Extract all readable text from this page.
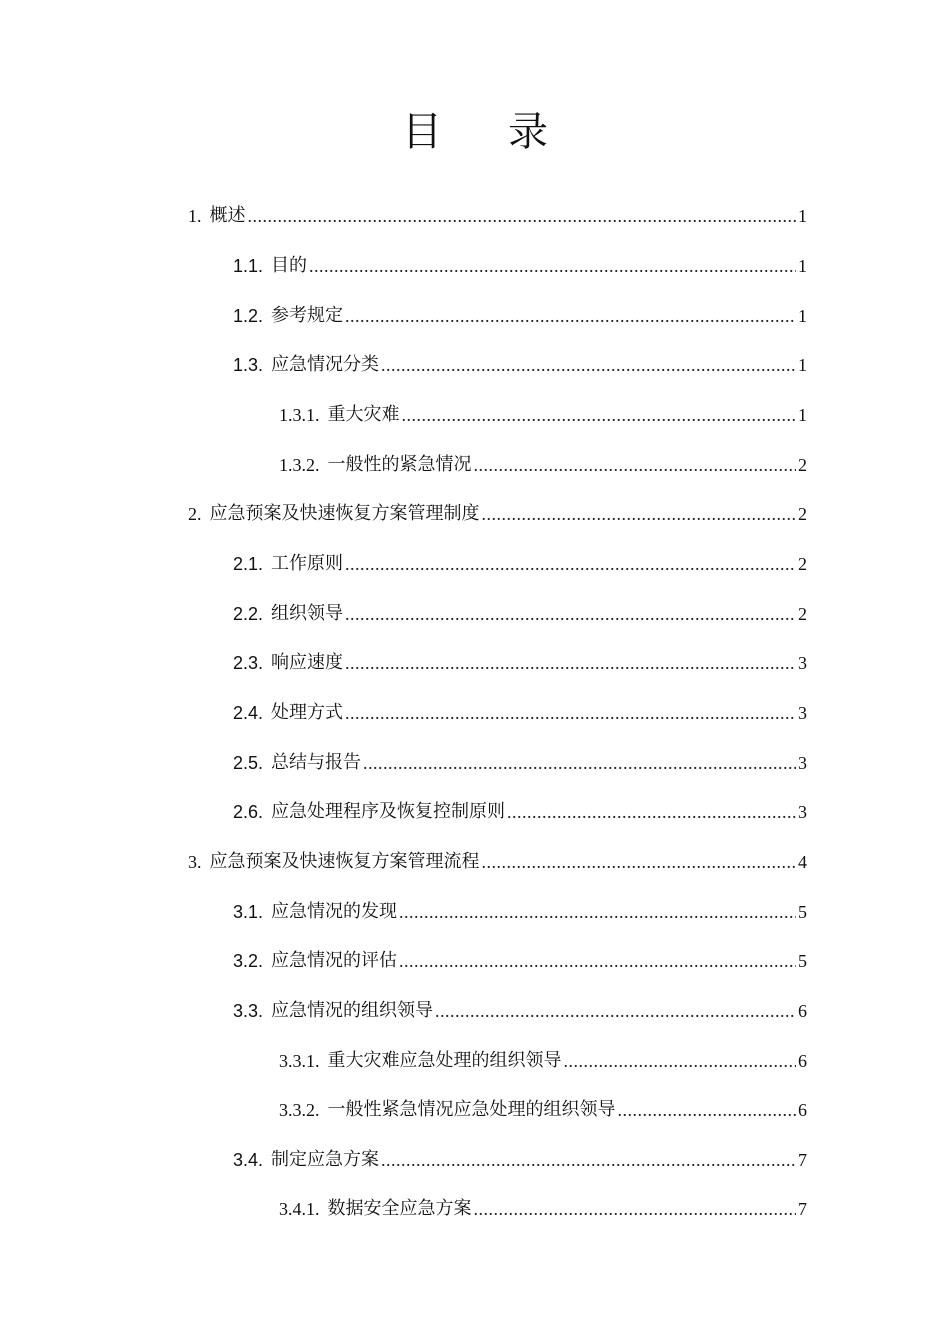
目 录
1. 概述 .....	1
1.1. 目的 .....	1
1.2. 参考规定 .....	1
1.3. 应急情况分类 .....	1
1.3.1. 重大灾难 .....	1
1.3.2. 一般性的紧急情况 .....	2
2. 应急预案及快速恢复方案管理制度 .....	2
2.1. 工作原则 .....	2
2.2. 组织领导 .....	2
2.3. 响应速度 .....	3
2.4. 处理方式 .....	3
2.5. 总结与报告 .....	3
2.6. 应急处理程序及恢复控制原则 .....	3
3. 应急预案及快速恢复方案管理流程 .....	4
3.1. 应急情况的发现 .....	5
3.2. 应急情况的评估 .....	5
3.3. 应急情况的组织领导 .....	6
3.3.1. 重大灾难应急处理的组织领导 .....	6
3.3.2. 一般性紧急情况应急处理的组织领导 .....	6
3.4. 制定应急方案 .....	7
3.4.1. 数据安全应急方案 .....	7
